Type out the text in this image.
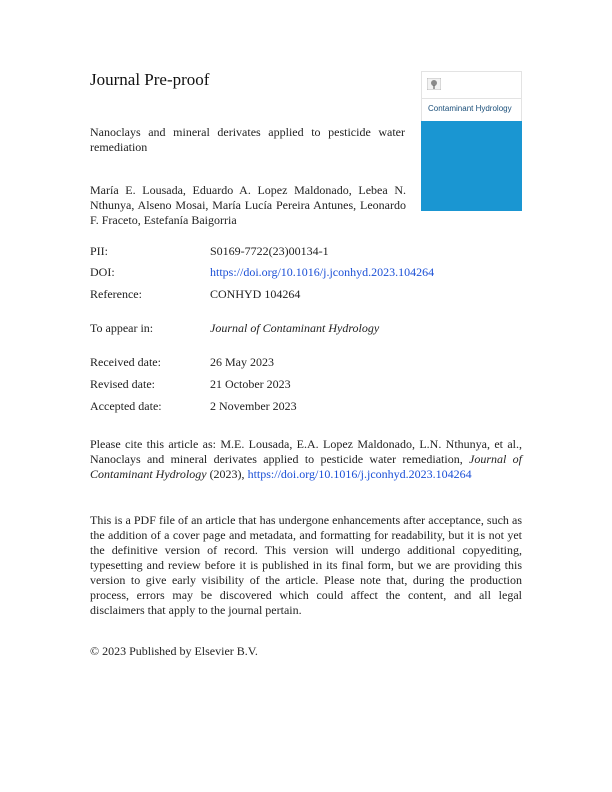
Journal Pre-proof
Nanoclays and mineral derivates applied to pesticide water remediation
Contaminant Hydrology
María E. Lousada, Eduardo A. Lopez Maldonado, Lebea N. Nthunya, Alseno Mosai, María Lucía Pereira Antunes, Leonardo F. Fraceto, Estefanía Baigorria
PII:	S0169-7722(23)00134-1
DOI:	https://doi.org/10.1016/j.jconhyd.2023.104264
Reference:	CONHYD 104264
To appear in:	Journal of Contaminant Hydrology
Received date:	26 May 2023
Revised date:	21 October 2023
Accepted date:	2 November 2023
Please cite this article as: M.E. Lousada, E.A. Lopez Maldonado, L.N. Nthunya, et al., Nanoclays and mineral derivates applied to pesticide water remediation, Journal of Contaminant Hydrology (2023), https://doi.org/10.1016/j.jconhyd.2023.104264
This is a PDF file of an article that has undergone enhancements after acceptance, such as the addition of a cover page and metadata, and formatting for readability, but it is not yet the definitive version of record. This version will undergo additional copyediting, typesetting and review before it is published in its final form, but we are providing this version to give early visibility of the article. Please note that, during the production process, errors may be discovered which could affect the content, and all legal disclaimers that apply to the journal pertain.
© 2023 Published by Elsevier B.V.
